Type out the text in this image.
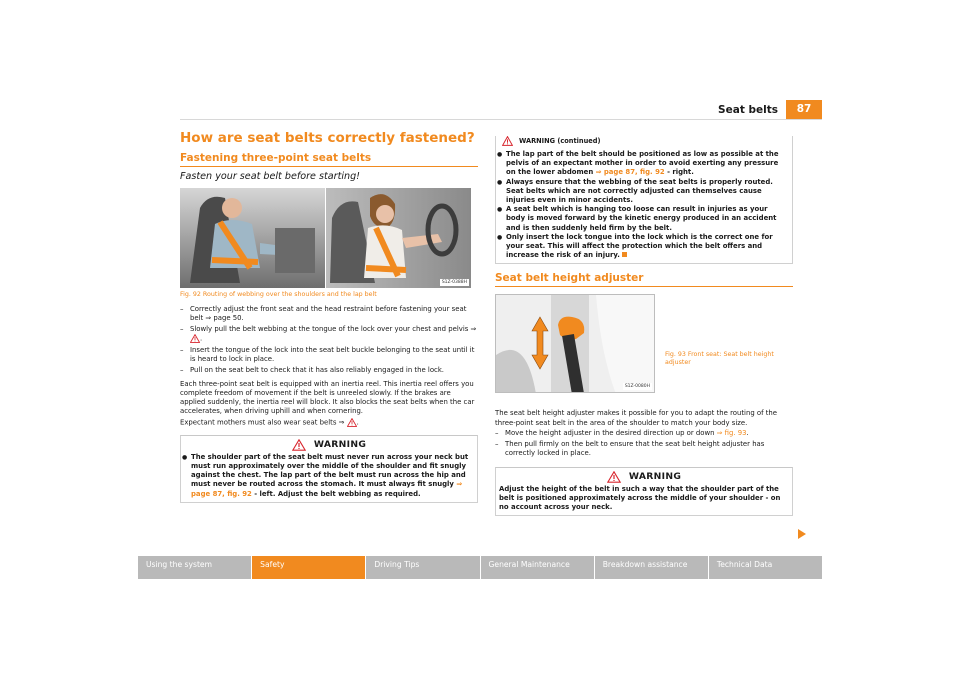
Seat belts	87
How are seat belts correctly fastened?
Fastening three-point seat belts
Fasten your seat belt before starting!
S1Z-0388H
Fig. 92 Routing of webbing over the shoulders and the lap belt
– Correctly adjust the front seat and the head restraint before fastening your seat belt ⇒ page 50.
– Slowly pull the belt webbing at the tongue of the lock over your chest and pelvis ⇒ .
– Insert the tongue of the lock into the seat belt buckle belonging to the seat until it is heard to lock in place.
– Pull on the seat belt to check that it has also reliably engaged in the lock.

Each three-point seat belt is equipped with an inertia reel. This inertia reel offers you complete freedom of movement if the belt is unreeled slowly. If the brakes are applied suddenly, the inertia reel will block. It also blocks the seat belts when the car accelerates, when driving uphill and when cornering.

Expectant mothers must also wear seat belts ⇒ .

WARNING
● The shoulder part of the seat belt must never run across your neck but must run approximately over the middle of the shoulder and fit snugly against the chest. The lap part of the belt must run across the hip and must never be routed across the stomach. It must always fit snugly ⇒ page 87, fig. 92 - left. Adjust the belt webbing as required.
WARNING (continued)
● The lap part of the belt should be positioned as low as possible at the pelvis of an expectant mother in order to avoid exerting any pressure on the lower abdomen ⇒ page 87, fig. 92 - right.
● Always ensure that the webbing of the seat belts is properly routed. Seat belts which are not correctly adjusted can themselves cause injuries even in minor accidents.
● A seat belt which is hanging too loose can result in injuries as your body is moved forward by the kinetic energy produced in an accident and is then suddenly held firm by the belt.
● Only insert the lock tongue into the lock which is the correct one for your seat. This will affect the protection which the belt offers and increase the risk of an injury.
Seat belt height adjuster
S1Z-0080H
Fig. 93 Front seat: Seat belt height adjuster

The seat belt height adjuster makes it possible for you to adapt the routing of the three-point seat belt in the area of the shoulder to match your body size.

– Move the height adjuster in the desired direction up or down ⇒ fig. 93.
– Then pull firmly on the belt to ensure that the seat belt height adjuster has correctly locked in place.
WARNING
Adjust the height of the belt in such a way that the shoulder part of the belt is positioned approximately across the middle of your shoulder - on no account across your neck.
Using the system	Safety	Driving Tips	General Maintenance	Breakdown assistance	Technical Data
